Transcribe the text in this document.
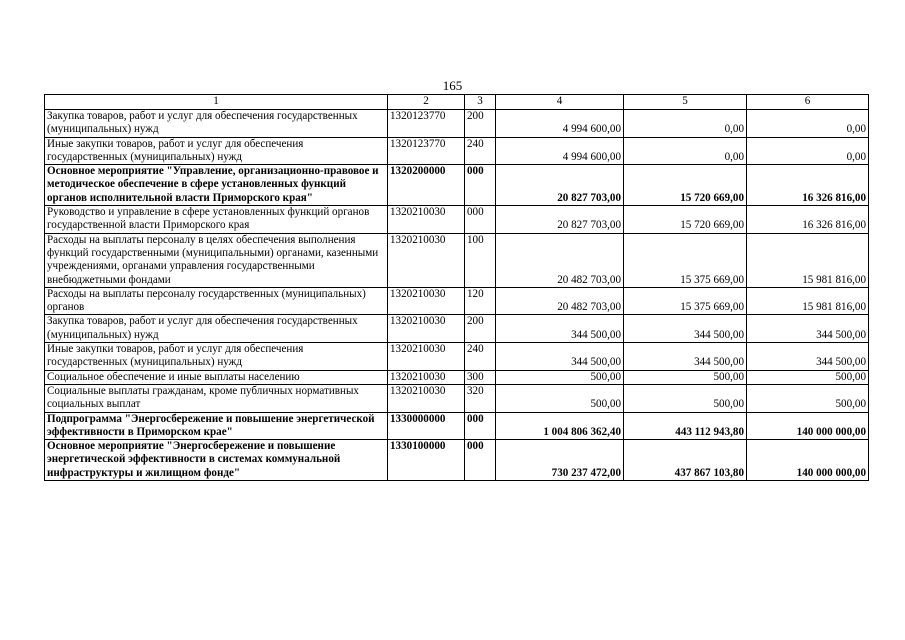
165
1	2	3	4	5	6
Закупка товаров, работ и услуг для обеспечения государственных (муниципальных) нужд	1320123770	200	4 994 600,00	0,00	0,00
Иные закупки товаров, работ и услуг для обеспечения государственных (муниципальных) нужд	1320123770	240	4 994 600,00	0,00	0,00
Основное мероприятие "Управление, организационно-правовое и методическое обеспечение в сфере установленных функций органов исполнительной власти Приморского края"	1320200000	000	20 827 703,00	15 720 669,00	16 326 816,00
Руководство и управление в сфере установленных функций органов государственной власти Приморского края	1320210030	000	20 827 703,00	15 720 669,00	16 326 816,00
Расходы на выплаты персоналу в целях обеспечения выполнения функций государственными (муниципальными) органами, казенными учреждениями, органами управления государственными внебюджетными фондами	1320210030	100	20 482 703,00	15 375 669,00	15 981 816,00
Расходы на выплаты персоналу государственных (муниципальных) органов	1320210030	120	20 482 703,00	15 375 669,00	15 981 816,00
Закупка товаров, работ и услуг для обеспечения государственных (муниципальных) нужд	1320210030	200	344 500,00	344 500,00	344 500,00
Иные закупки товаров, работ и услуг для обеспечения государственных (муниципальных) нужд	1320210030	240	344 500,00	344 500,00	344 500,00
Социальное обеспечение и иные выплаты населению	1320210030	300	500,00	500,00	500,00
Социальные выплаты гражданам, кроме публичных нормативных социальных выплат	1320210030	320	500,00	500,00	500,00
Подпрограмма "Энергосбережение и повышение энергетической эффективности в Приморском крае"	1330000000	000	1 004 806 362,40	443 112 943,80	140 000 000,00
Основное мероприятие "Энергосбережение и повышение энергетической эффективности в системах коммунальной инфраструктуры и жилищном фонде"	1330100000	000	730 237 472,00	437 867 103,80	140 000 000,00
